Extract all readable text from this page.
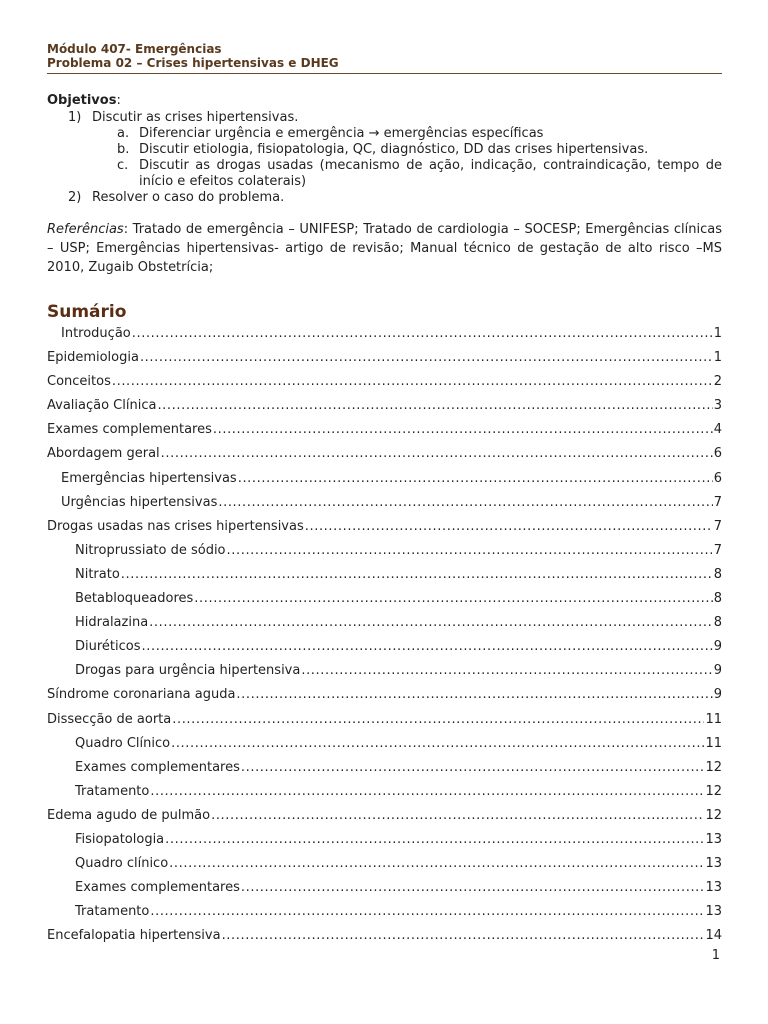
Módulo 407- Emergências
Problema 02 – Crises hipertensivas e DHEG
Objetivos:
1) Discutir as crises hipertensivas.
a. Diferenciar urgência e emergência → emergências específicas
b. Discutir etiologia, fisiopatologia, QC, diagnóstico, DD das crises hipertensivas.
c. Discutir as drogas usadas (mecanismo de ação, indicação, contraindicação, tempo de início e efeitos colaterais)
2) Resolver o caso do problema.
Referências: Tratado de emergência – UNIFESP; Tratado de cardiologia – SOCESP; Emergências clínicas – USP; Emergências hipertensivas- artigo de revisão; Manual técnico de gestação de alto risco –MS 2010, Zugaib Obstetrícia;
Sumário
Introdução .....	1
Epidemiologia .....	1
Conceitos .....	2
Avaliação Clínica .....	3
Exames complementares .....	4
Abordagem geral .....	6
Emergências hipertensivas .....	6
Urgências hipertensivas .....	7
Drogas usadas nas crises hipertensivas .....	7
Nitroprussiato de sódio .....	7
Nitrato .....	8
Betabloqueadores .....	8
Hidralazina .....	8
Diuréticos .....	9
Drogas para urgência hipertensiva .....	9
Síndrome coronariana aguda .....	9
Dissecção de aorta .....	11
Quadro Clínico .....	11
Exames complementares .....	12
Tratamento .....	12
Edema agudo de pulmão .....	12
Fisiopatologia .....	13
Quadro clínico .....	13
Exames complementares .....	13
Tratamento .....	13
Encefalopatia hipertensiva .....	14
1
